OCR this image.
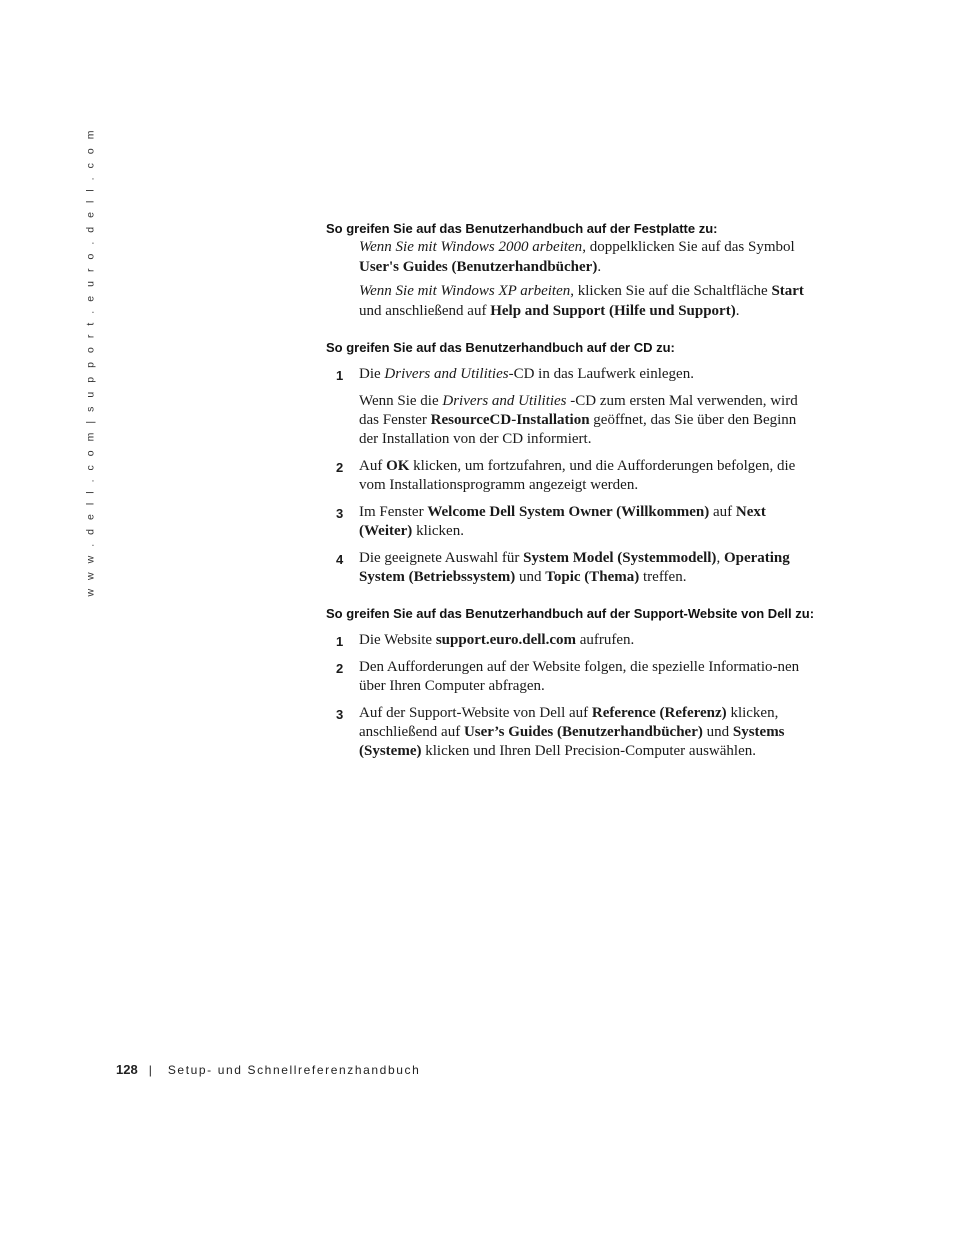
w w w . d e l l . c o m | s u p p o r t . e u r o . d e l l . c o m	So greifen Sie auf das Benutzerhandbuch auf der Festplatte zu:

Wenn Sie mit Windows 2000 arbeiten, doppelklicken Sie auf das Symbol User's Guides (Benutzerhandbücher).

Wenn Sie mit Windows XP arbeiten, klicken Sie auf die Schaltfläche Start und anschließend auf Help and Support (Hilfe und Support).

So greifen Sie auf das Benutzerhandbuch auf der CD zu:
1 Die Drivers and Utilities-CD in das Laufwerk einlegen.
Wenn Sie die Drivers and Utilities -CD zum ersten Mal verwenden, wird das Fenster ResourceCD-Installation geöffnet, das Sie über den Beginn der Installation von der CD informiert.
2 Auf OK klicken, um fortzufahren, und die Aufforderungen befolgen, die vom Installationsprogramm angezeigt werden.
3 Im Fenster Welcome Dell System Owner (Willkommen) auf Next (Weiter) klicken.
4 Die geeignete Auswahl für System Model (Systemmodell), Operating System (Betriebssystem) und Topic (Thema) treffen.
So greifen Sie auf das Benutzerhandbuch auf der Support-Website von Dell zu:
1 Die Website support.euro.dell.com aufrufen.
2 Den Aufforderungen auf der Website folgen, die spezielle Informatio-nen über Ihren Computer abfragen.
3 Auf der Support-Website von Dell auf Reference (Referenz) klicken, anschließend auf User’s Guides (Benutzerhandbücher) und Systems (Systeme) klicken und Ihren Dell Precision-Computer auswählen.
128 | Setup- und Schnellreferenzhandbuch
